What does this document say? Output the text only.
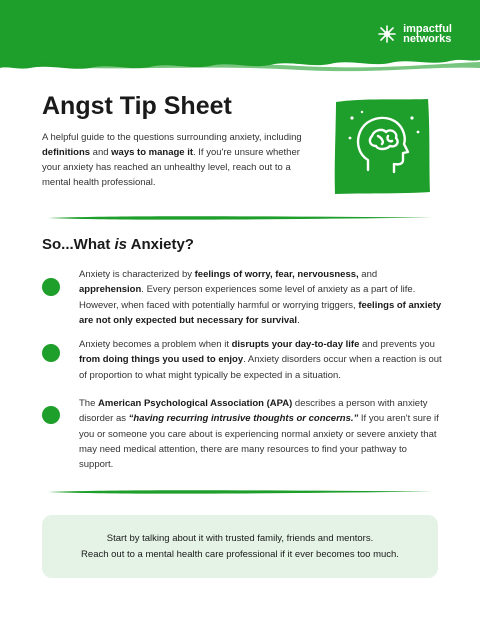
impactful
networks
Angst Tip Sheet

A helpful guide to the questions surrounding anxiety, including definitions and ways to manage it. If you're unsure whether your anxiety has reached an unhealthy level, reach out to a mental health professional.

So...What is Anxiety?

Anxiety is characterized by feelings of worry, fear, nervousness, and apprehension. Every person experiences some level of anxiety as a part of life. However, when faced with potentially harmful or worrying triggers, feelings of anxiety are not only expected but necessary for survival.

Anxiety becomes a problem when it disrupts your day-to-day life and prevents you from doing things you used to enjoy. Anxiety disorders occur when a reaction is out of proportion to what might typically be expected in a situation.

The American Psychological Association (APA) describes a person with anxiety disorder as “having recurring intrusive thoughts or concerns.” If you aren't sure if you or someone you care about is experiencing normal anxiety or severe anxiety that may need medical attention, there are many resources to find your pathway to support.

Start by talking about it with trusted family, friends and mentors.
Reach out to a mental health care professional if it ever becomes too much.
